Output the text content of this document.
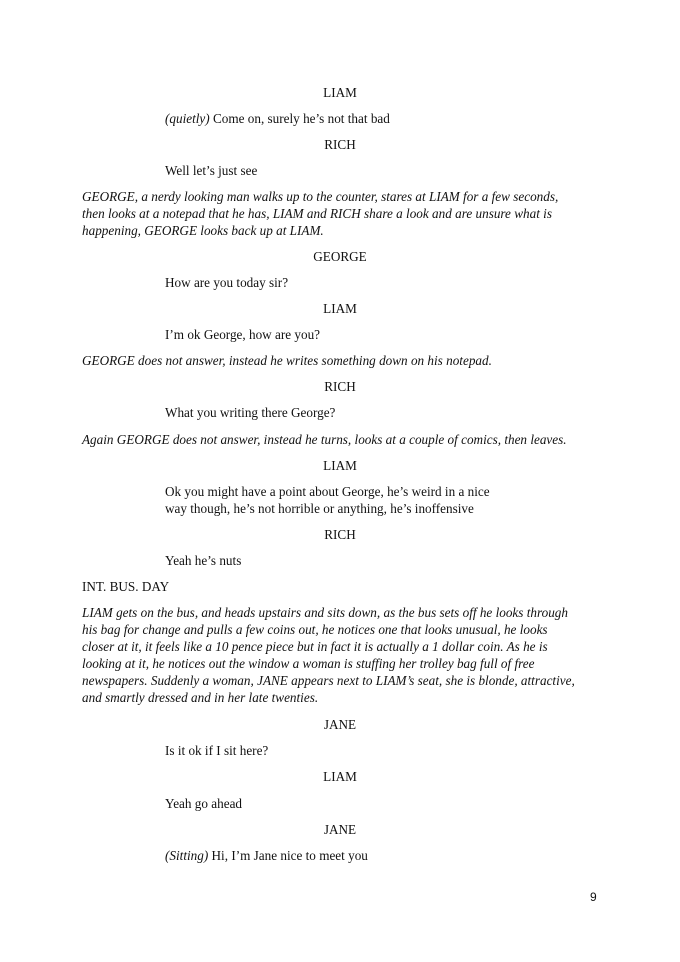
LIAM
(quietly) Come on, surely he’s not that bad
RICH
Well let’s just see
GEORGE, a nerdy looking man walks up to the counter, stares at LIAM for a few seconds,
then looks at a notepad that he has, LIAM and RICH share a look and are unsure what is
happening, GEORGE looks back up at LIAM.
GEORGE
How are you today sir?
LIAM
I’m ok George, how are you?
GEORGE does not answer, instead he writes something down on his notepad.
RICH
What you writing there George?
Again GEORGE does not answer, instead he turns, looks at a couple of comics, then leaves.
LIAM
Ok you might have a point about George, he’s weird in a nice
way though, he’s not horrible or anything, he’s inoffensive
RICH
Yeah he’s nuts
INT. BUS. DAY
LIAM gets on the bus, and heads upstairs and sits down, as the bus sets off he looks through
his bag for change and pulls a few coins out, he notices one that looks unusual, he looks
closer at it, it feels like a 10 pence piece but in fact it is actually a 1 dollar coin. As he is
looking at it, he notices out the window a woman is stuffing her trolley bag full of free
newspapers. Suddenly a woman, JANE appears next to LIAM’s seat, she is blonde, attractive,
and smartly dressed and in her late twenties.
JANE
Is it ok if I sit here?
LIAM
Yeah go ahead
JANE
(Sitting) Hi, I’m Jane nice to meet you
9
